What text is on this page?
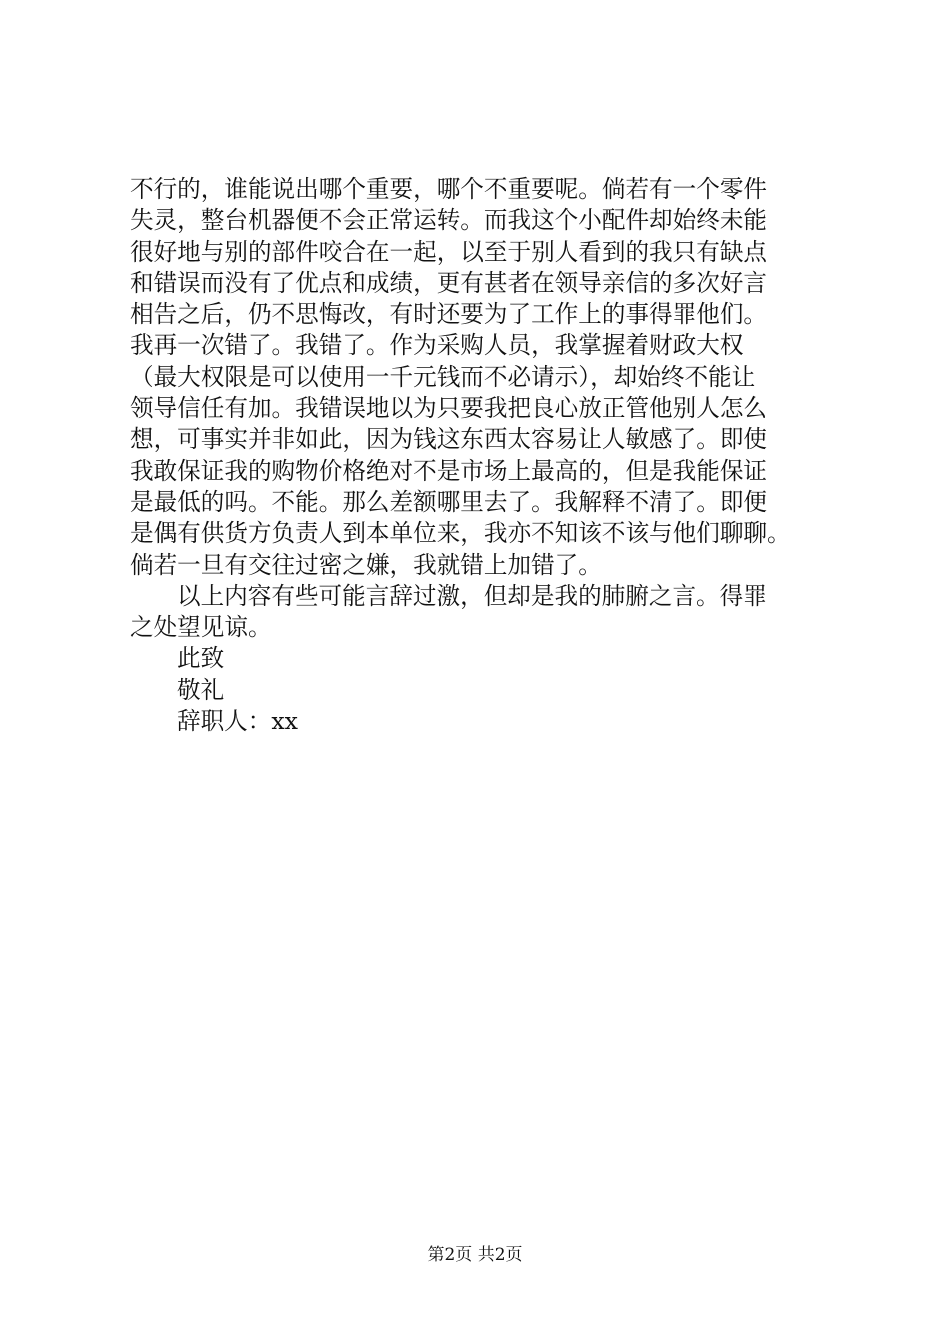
不行的，谁能说出哪个重要，哪个不重要呢。倘若有一个零件
失灵，整台机器便不会正常运转。而我这个小配件却始终未能
很好地与别的部件咬合在一起，以至于别人看到的我只有缺点
和错误而没有了优点和成绩，更有甚者在领导亲信的多次好言
相告之后，仍不思悔改，有时还要为了工作上的事得罪他们。
我再一次错了。我错了。作为采购人员，我掌握着财政大权
（最大权限是可以使用一千元钱而不必请示），却始终不能让
领导信任有加。我错误地以为只要我把良心放正管他别人怎么
想，可事实并非如此，因为钱这东西太容易让人敏感了。即使
我敢保证我的购物价格绝对不是市场上最高的，但是我能保证
是最低的吗。不能。那么差额哪里去了。我解释不清了。即便
是偶有供货方负责人到本单位来，我亦不知该不该与他们聊聊。
倘若一旦有交往过密之嫌，我就错上加错了。
以上内容有些可能言辞过激，但却是我的肺腑之言。得罪
之处望见谅。
此致
敬礼
辞职人：xx
第2页 共2页
